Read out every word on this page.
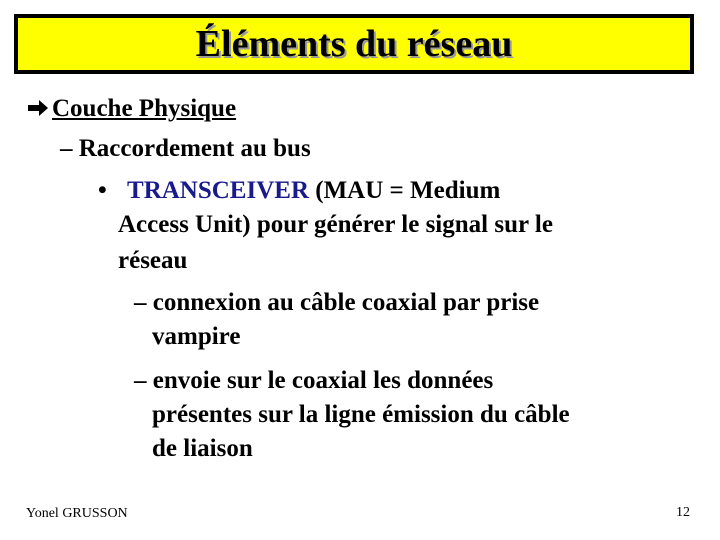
Éléments du réseau
Couche Physique
– Raccordement au bus
• TRANSCEIVER (MAU = Medium
Access Unit) pour générer le signal sur le
réseau
– connexion au câble coaxial par prise
vampire
– envoie sur le coaxial les données
présentes sur la ligne émission du câble
de liaison
Yonel GRUSSON	12
